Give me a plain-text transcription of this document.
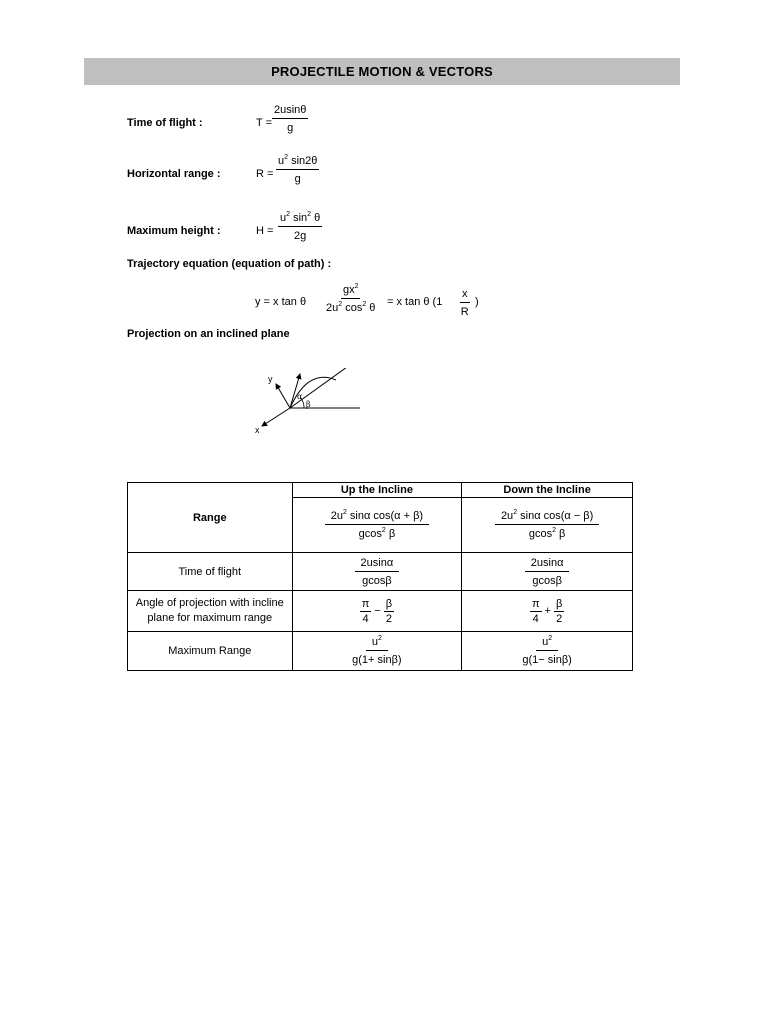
PROJECTILE MOTION & VECTORS
Time of flight :	$T = \frac{2usin\theta}{g}$
Horizontal range :	$R = \frac{u^2 \sin 2\theta}{g}$
Maximum height :	$H = \frac{u^2 \sin^2 \theta}{2g}$
Trajectory equation (equation of path) :
y = x tan θ $\frac{gx^2}{2u^2 \cos^2 \theta} = x$ tan θ ($1 \frac{x}{R}$ )
Projection on an inclined plane
y
x
α
β
Range	Up the Incline	Down the Incline

	$\frac{2u^2 \sin\alpha \cos(\alpha + \beta)}{gcos^2 \beta}$	$\frac{2u^2 \sin\alpha \cos(\alpha - \beta)}{gcos^2 \beta}$

Time of flight	$\frac{2usin\alpha}{gcos\beta}$	$\frac{2usin\alpha}{gcos\beta}$

Angle of projection with incline plane for maximum range	$\frac{\pi}{4} - \frac{\beta}{2}$	$\frac{\pi}{4} + \frac{\beta}{2}$

Maximum Range	$\frac{u^2}{g(1+ \sin\beta)}$	$\frac{u^2}{g(1- \sin\beta)}$
